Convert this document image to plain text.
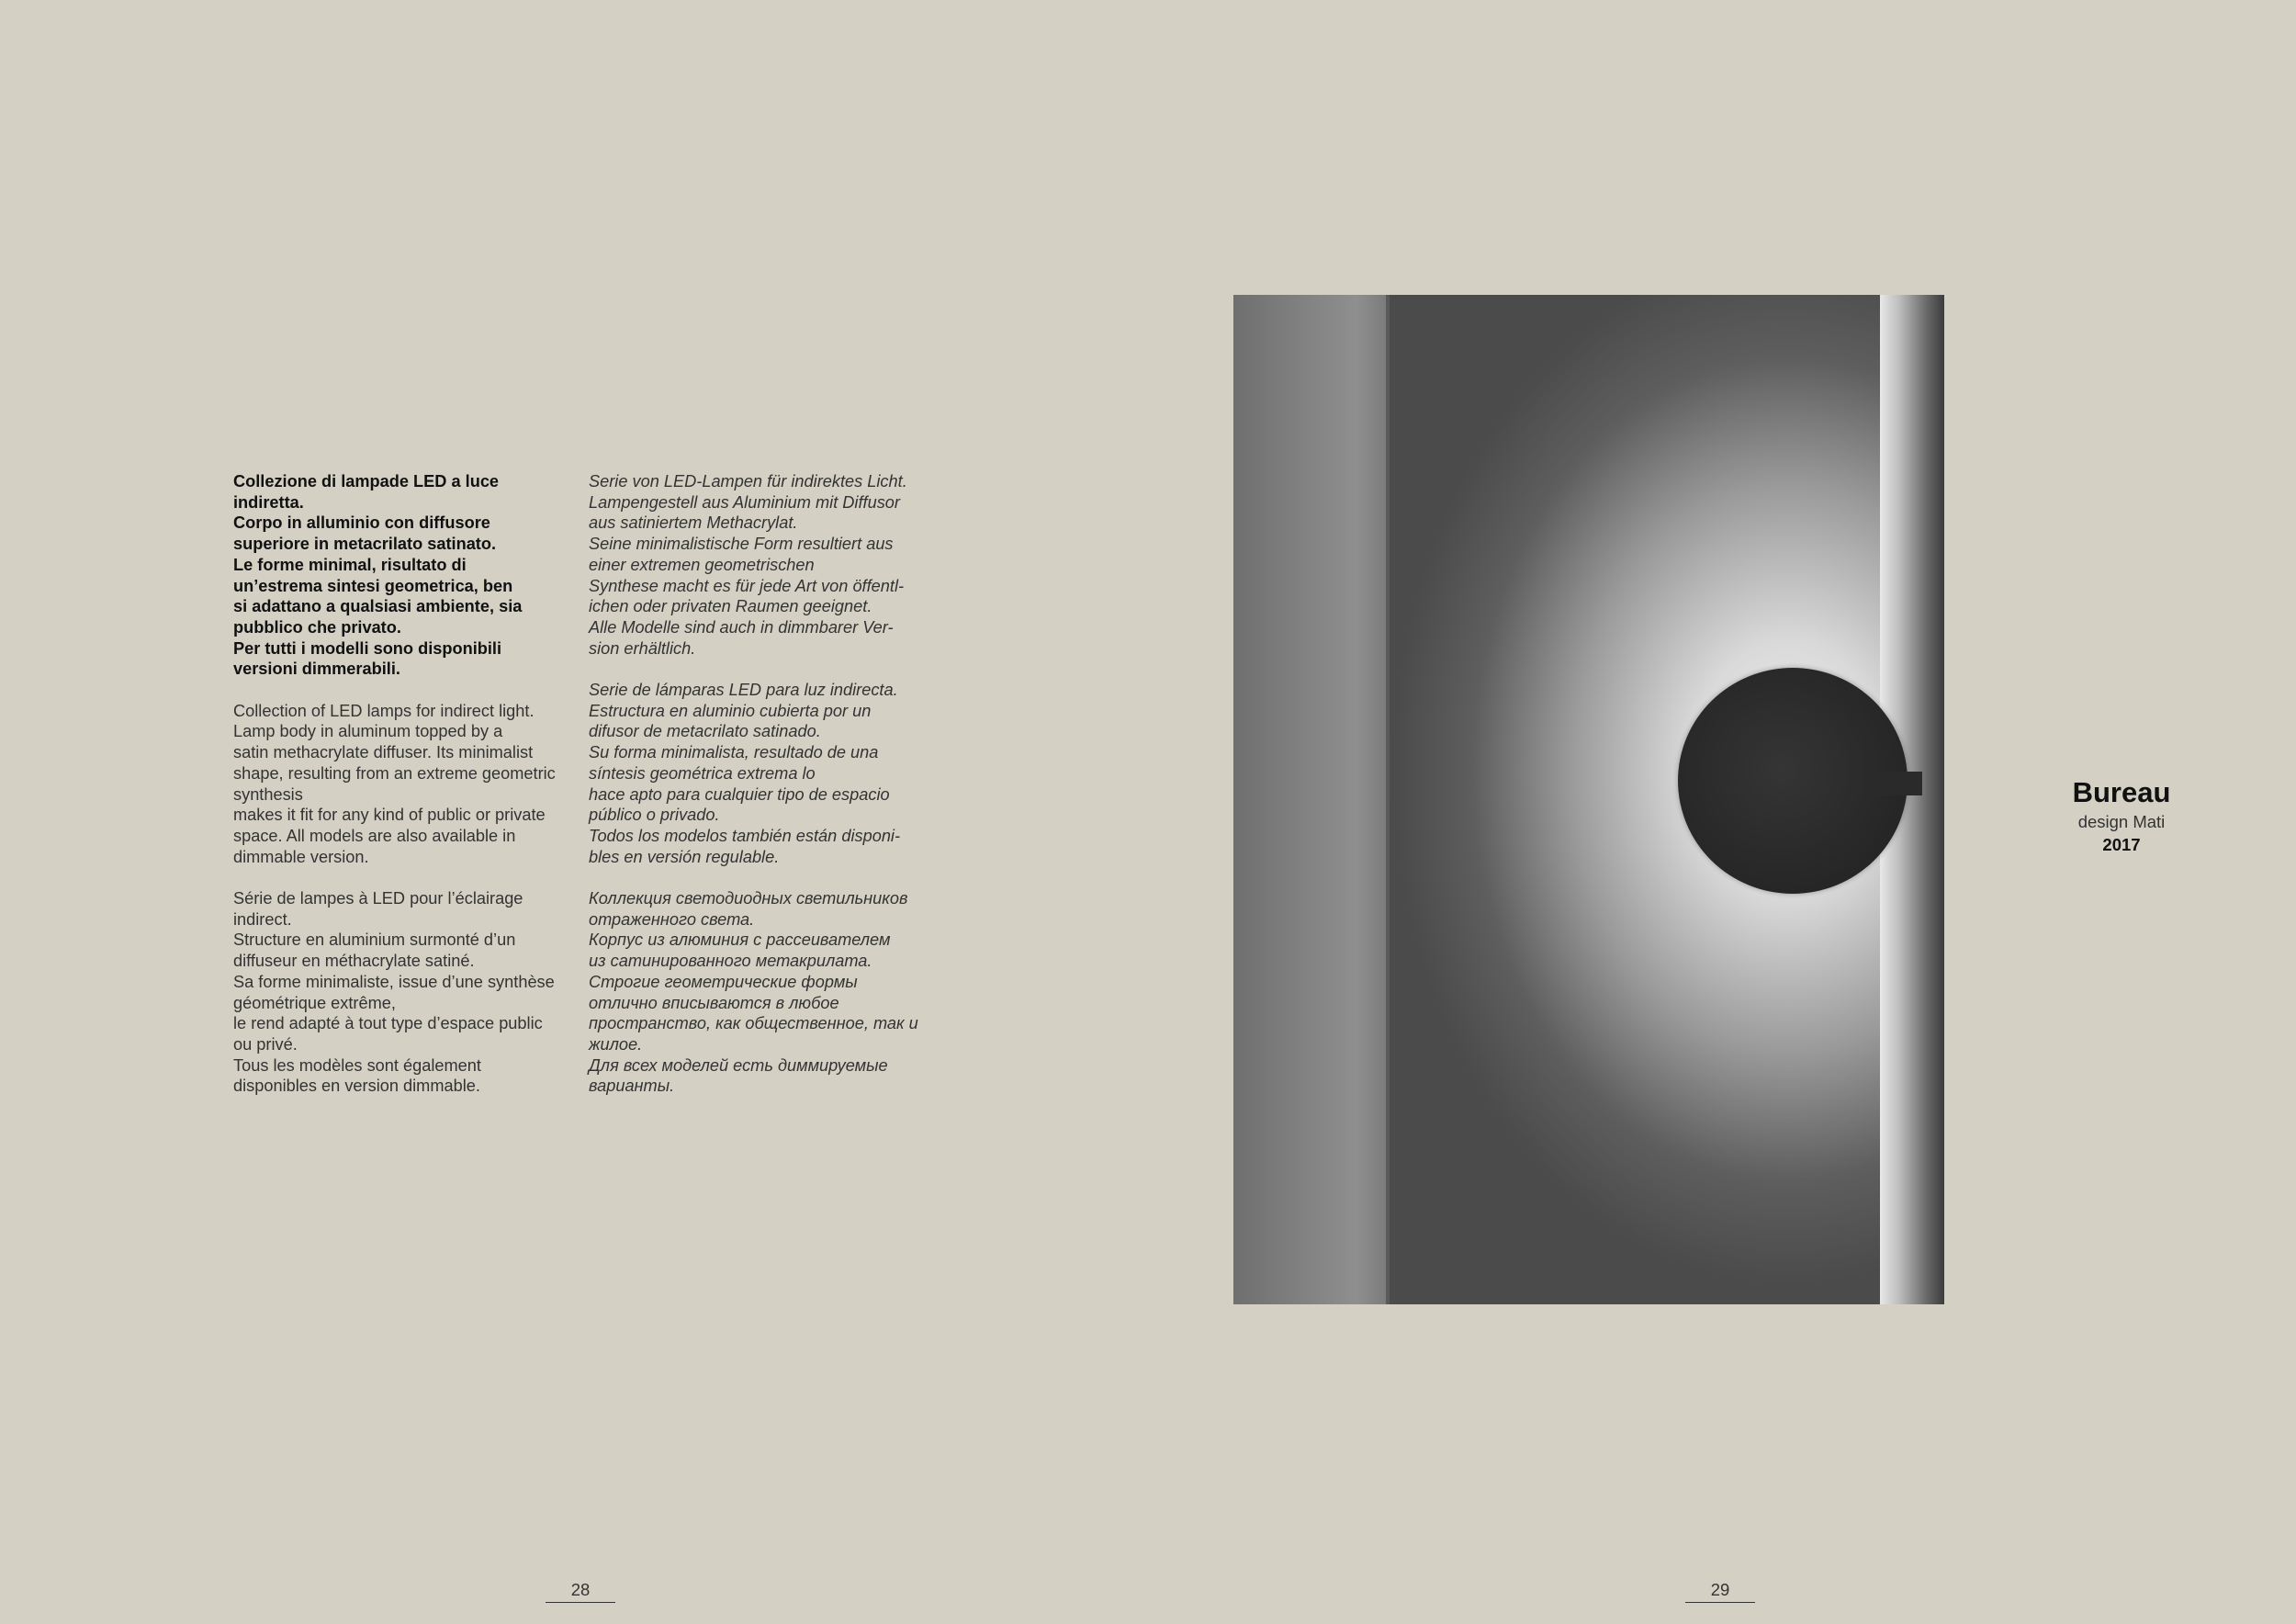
Collezione di lampade LED a luce
indiretta.
Corpo in alluminio con diffusore
superiore in metacrilato satinato.
Le forme minimal, risultato di
un’estrema sintesi geometrica, ben
si adattano a qualsiasi ambiente, sia
pubblico che privato.
Per tutti i modelli sono disponibili
versioni dimmerabili.

Collection of LED lamps for indirect light.
Lamp body in aluminum topped by a
satin methacrylate diffuser. Its minimalist
shape, resulting from an extreme geometric
synthesis
makes it fit for any kind of public or private
space. All models are also available in
dimmable version.

Série de lampes à LED pour l’éclairage
indirect.
Structure en aluminium surmonté d’un
diffuseur en méthacrylate satiné.
Sa forme minimaliste, issue d’une synthèse
géométrique extrême,
le rend adapté à tout type d’espace public
ou privé.
Tous les modèles sont également
disponibles en version dimmable.

Serie von LED-Lampen für indirektes Licht.
Lampengestell aus Aluminium mit Diffusor
aus satiniertem Methacrylat.
Seine minimalistische Form resultiert aus
einer extremen geometrischen
Synthese macht es für jede Art von öffentl-
ichen oder privaten Raumen geeignet.
Alle Modelle sind auch in dimmbarer Ver-
sion erhältlich.

Serie de lámparas LED para luz indirecta.
Estructura en aluminio cubierta por un
difusor de metacrilato satinado.
Su forma minimalista, resultado de una
síntesis geométrica extrema lo
hace apto para cualquier tipo de espacio
público o privado.
Todos los modelos también están disponi-
bles en versión regulable.

Коллекция светодиодных светильников
отраженного света.
Корпус из алюминия с рассеивателем
из сатинированного метакрилата.
Строгие геометрические формы
отлично вписываются в любое
пространство, как общественное, так и
жилое.
Для всех моделей есть диммируемые
варианты.

Bureau
design Mati
2017
28	29
